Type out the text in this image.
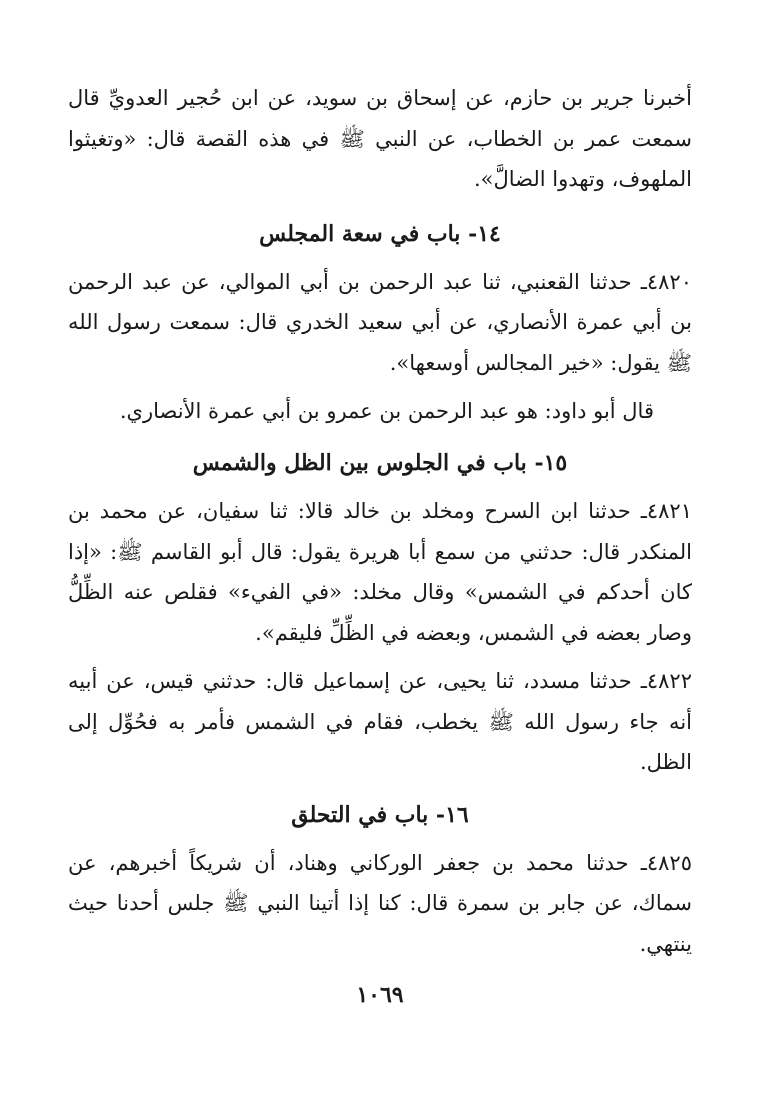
أخبرنا جرير بن حازم، عن إسحاق بن سويد، عن ابن حُجير العدويِّ قال سمعت عمر بن الخطاب، عن النبي ﷺ في هذه القصة قال: «وتغيثوا الملهوف، وتهدوا الضالَّ».

١٤- باب في سعة المجلس

٤٨٢٠ـ حدثنا القعنبي، ثنا عبد الرحمن بن أبي الموالي، عن عبد الرحمن بن أبي عمرة الأنصاري، عن أبي سعيد الخدري قال: سمعت رسول الله ﷺ يقول: «خير المجالس أوسعها».

قال أبو داود: هو عبد الرحمن بن عمرو بن أبي عمرة الأنصاري.

١٥- باب في الجلوس بين الظل والشمس

٤٨٢١ـ حدثنا ابن السرح ومخلد بن خالد قالا: ثنا سفيان، عن محمد بن المنكدر قال: حدثني من سمع أبا هريرة يقول: قال أبو القاسم ﷺ: «إذا كان أحدكم في الشمس» وقال مخلد: «في الفيء» فقلص عنه الظِّلُّ وصار بعضه في الشمس، وبعضه في الظِّلِّ فليقم».

٤٨٢٢ـ حدثنا مسدد، ثنا يحيى، عن إسماعيل قال: حدثني قيس، عن أبيه أنه جاء رسول الله ﷺ يخطب، فقام في الشمس فأمر به فحُوِّل إلى الظل.

١٦- باب في التحلق

٤٨٢٥ـ حدثنا محمد بن جعفر الوركاني وهناد، أن شريكاً أخبرهم، عن سماك، عن جابر بن سمرة قال: كنا إذا أتينا النبي ﷺ جلس أحدنا حيث ينتهي.

١٠٦٩
